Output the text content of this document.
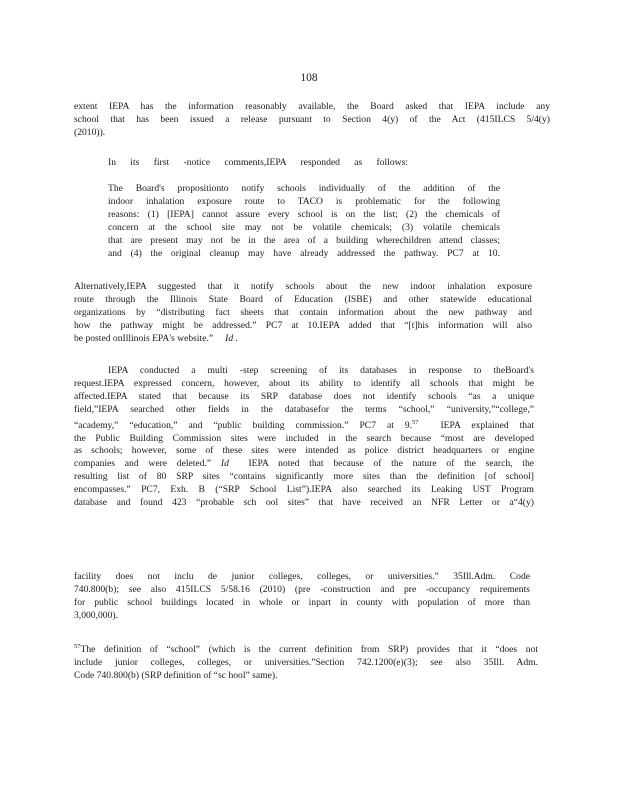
108
extent IEPA has the information reasonably available, the Board asked that IEPA include any
school that has been issued a release pursuant to Section 4(y) of the Act (415ILCS 5/4(y)
(2010)).
In its first -notice comments,IEPA responded as follows:
The Board's propositionto notify schools individually of the addition of the
indoor inhalation exposure route to TACO is problematic for the following
reasons: (1) [IEPA] cannot assure every school is on the list; (2) the chemicals of
concern at the school site may not be volatile chemicals; (3) volatile chemicals
that are present may not be in the area of a building wherechildren attend classes;
and (4) the original cleanup may have already addressed the pathway. PC7 at 10.
Alternatively,IEPA suggested that it notify schools about the new indoor inhalation exposure
route through the Illinois State Board of Education (ISBE) and other statewide educational
organizations by “distributing fact sheets that contain information about the new pathway and
how the pathway might be addressed.” PC7 at 10.IEPA added that “[t]his information will also
be posted onIllinois EPA's website.” Id .
IEPA conducted a multi -step screening of its databases in response to theBoard's
request.IEPA expressed concern, however, about its ability to identify all schools that might be
affected.IEPA stated that because its SRP database does not identify schools “as a unique
field,”IEPA searched other fields in the databasefor the terms “school,” “university,”“college,”
“academy,” “education,” and “public building commission.” PC7 at 9.57 IEPA explained that
the Public Building Commission sites were included in the search because “most are developed
as schools; however, some of these sites were intended as police district headquarters or engine
companies and were deleted.” Id IEPA noted that because of the nature of the search, the
resulting list of 80 SRP sites “contains significantly more sites than the definition [of school]
encompasses.” PC7, Exh. B (“SRP School List”).IEPA also searched its Leaking UST Program
database and found 423 “probable sch ool sites” that have received an NFR Letter or a“4(y)
facility does not inclu de junior colleges, colleges, or universities.” 35Ill.Adm. Code
740.800(b); see also 415ILCS 5/58.16 (2010) (pre -construction and pre -occupancy requirements
for public school buildings located in whole or inpart in county with population of more than
3,000,000).
$^{57}$The definition of “school” (which is the current definition from SRP) provides that it “does not
include junior colleges, colleges, or universities.”Section 742.1200(e)(3); see also 35Ill. Adm.
Code 740.800(b) (SRP definition of “sc hool” same).
